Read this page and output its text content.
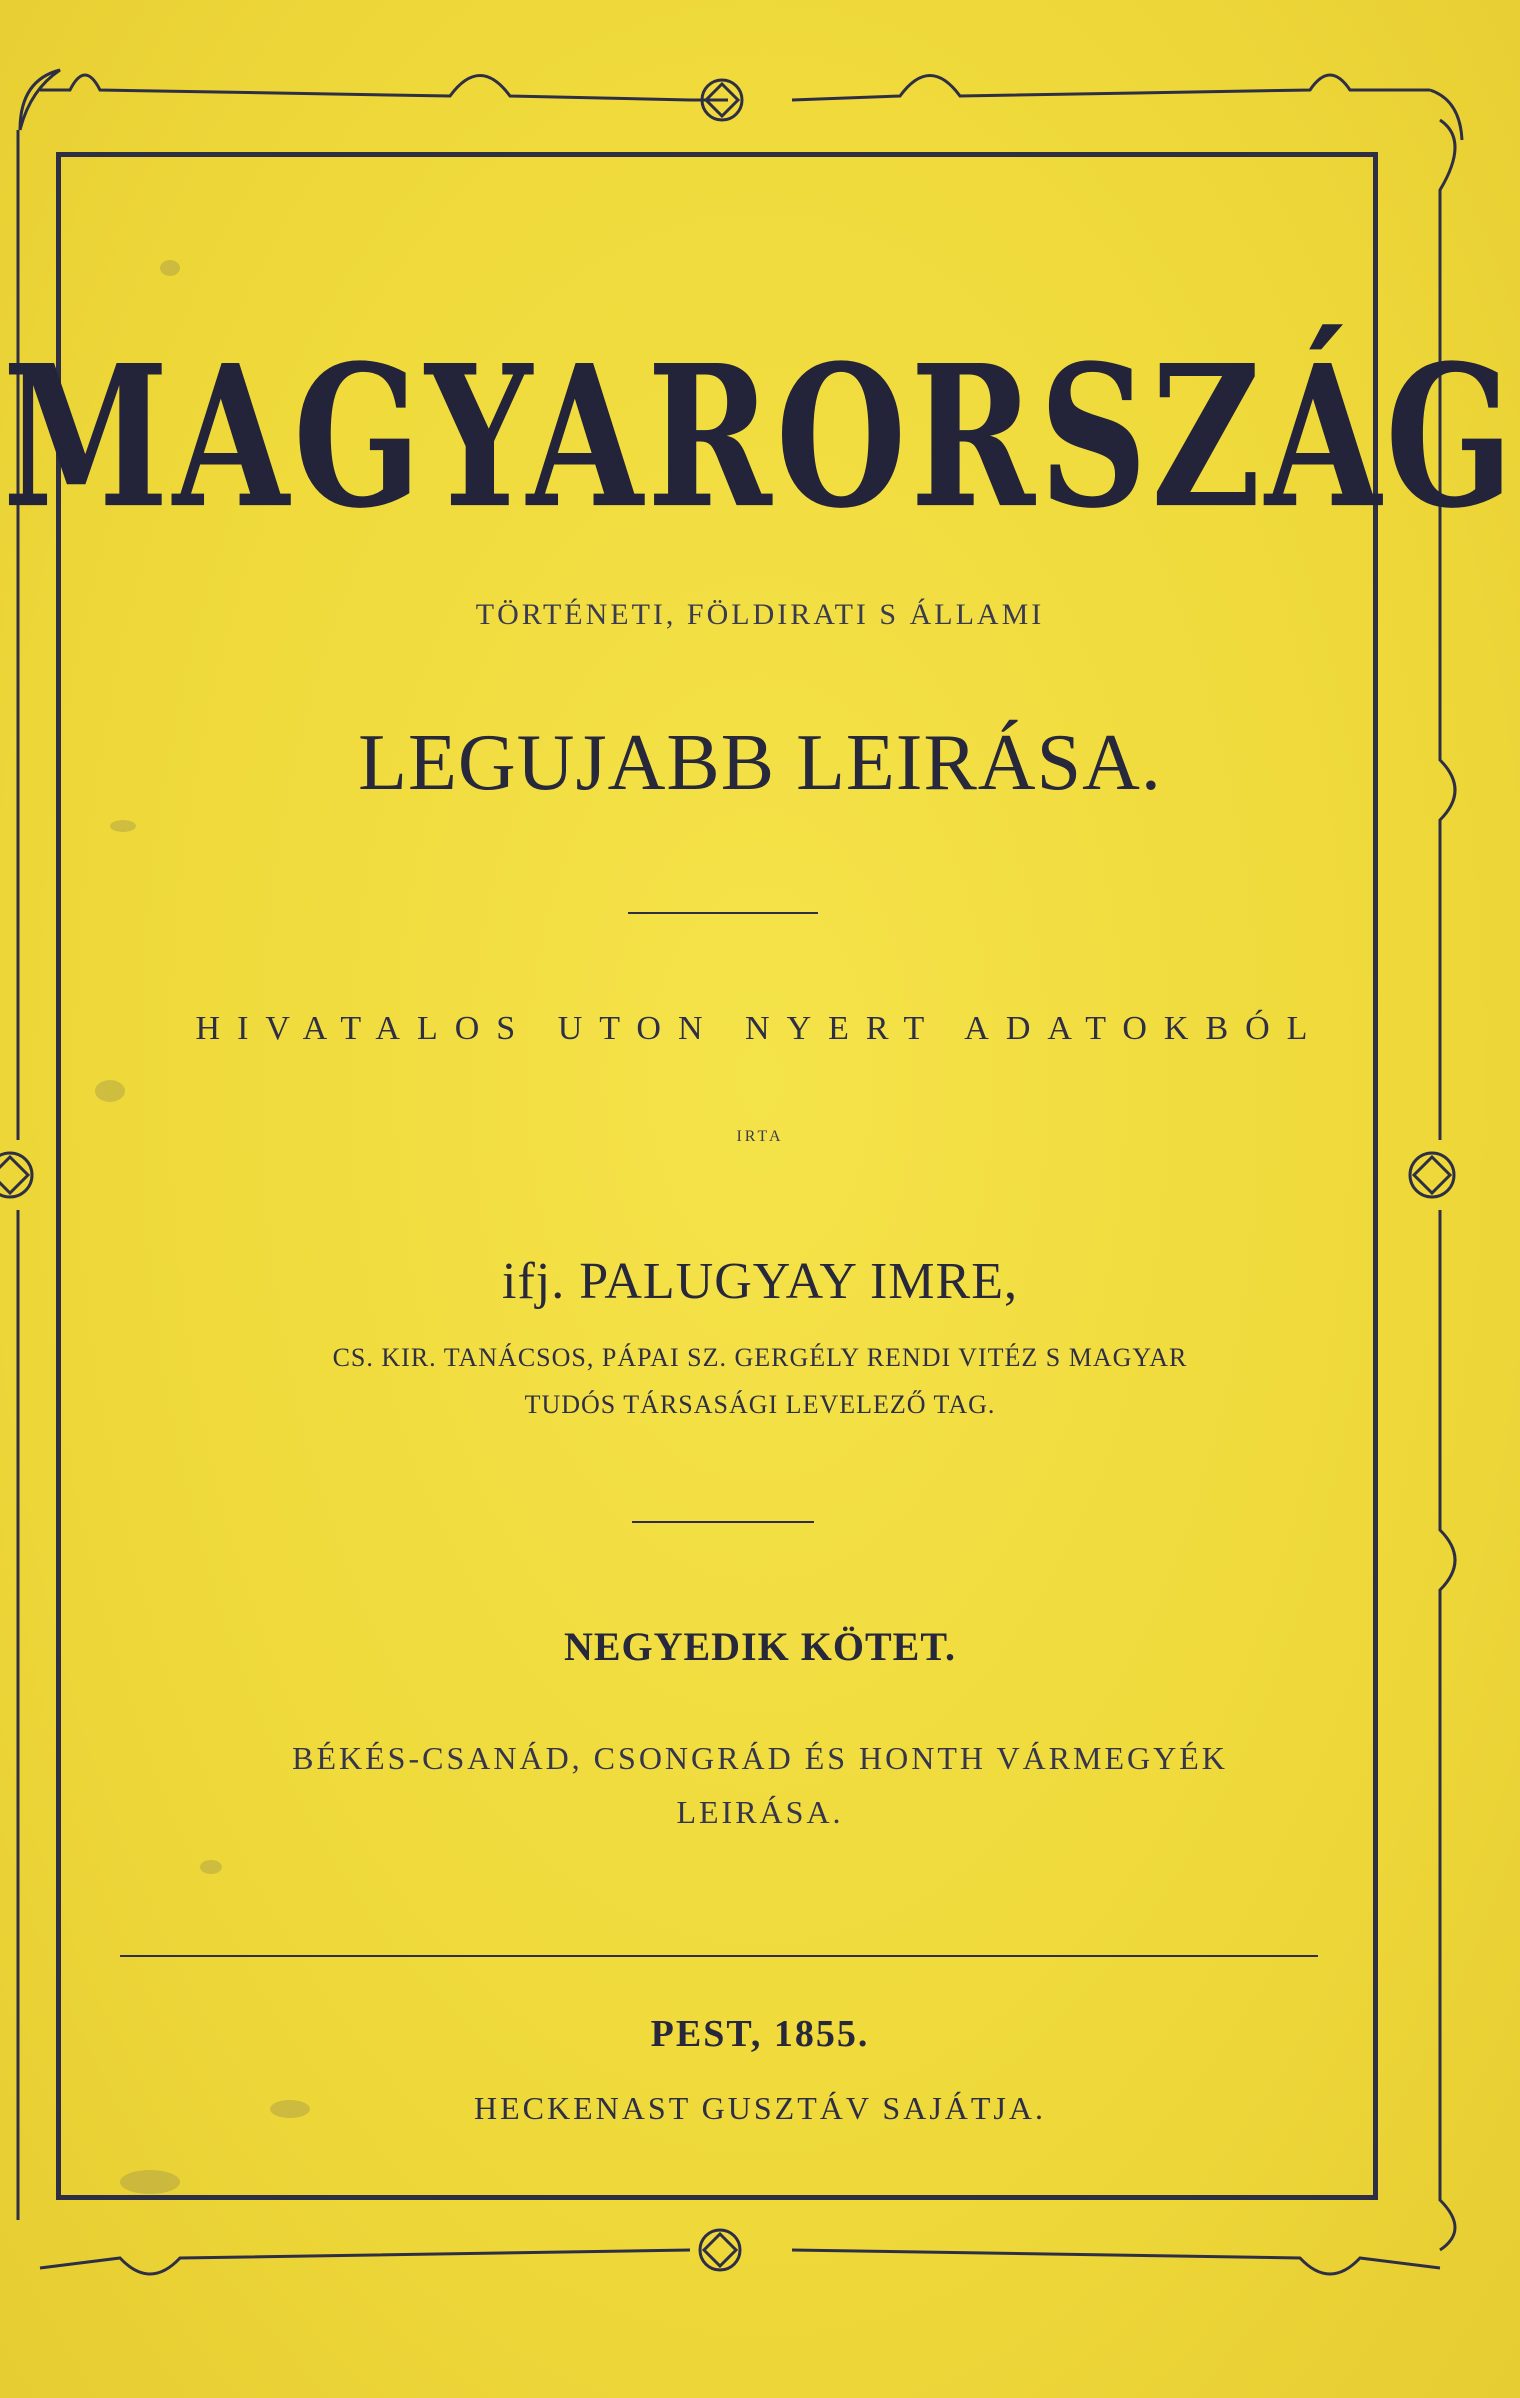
MAGYARORSZÁG
TÖRTÉNETI, FÖLDIRATI S ÁLLAMI
LEGUJABB LEIRÁSA.
HIVATALOS UTON NYERT ADATOKBÓL
IRTA
ifj. PALUGYAY IMRE,
CS. KIR. TANÁCSOS, PÁPAI SZ. GERGÉLY RENDI VITÉZ S MAGYAR
TUDÓS TÁRSASÁGI LEVELEZŐ TAG.
NEGYEDIK KÖTET.
BÉKÉS-CSANÁD, CSONGRÁD ÉS HONTH VÁRMEGYÉK
LEIRÁSA.
PEST, 1855.
HECKENAST GUSZTÁV SAJÁTJA.
